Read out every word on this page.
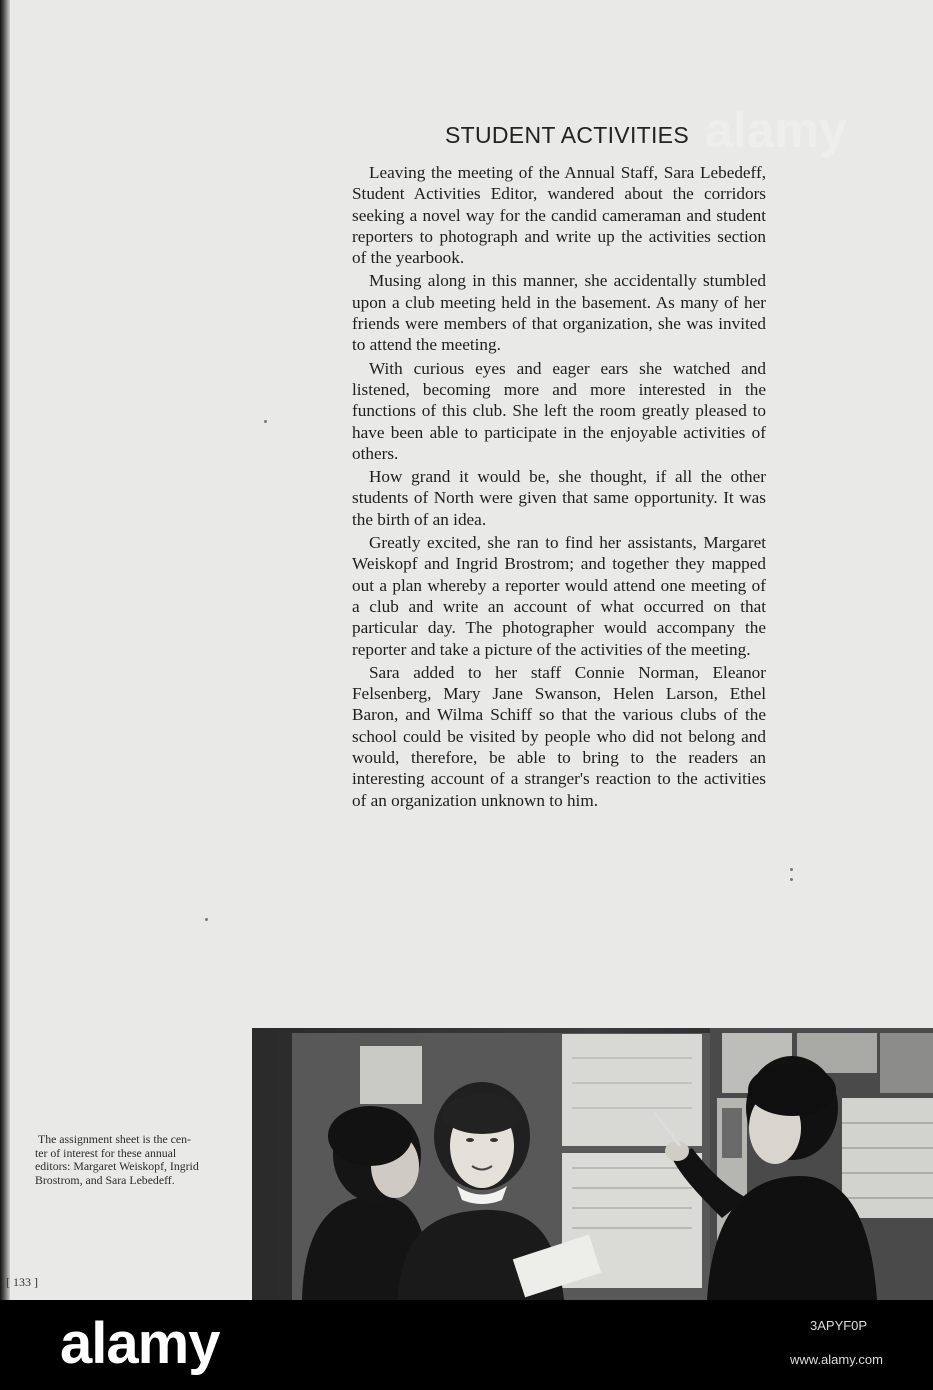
STUDENT ACTIVITIES

Leaving the meeting of the Annual Staff, Sara Lebedeff, Student Activities Editor, wandered about the corridors seeking a novel way for the candid cameraman and student reporters to photograph and write up the activities section of the yearbook.

Musing along in this manner, she accidentally stumbled upon a club meeting held in the basement. As many of her friends were members of that organization, she was invited to attend the meeting.

With curious eyes and eager ears she watched and listened, becoming more and more interested in the functions of this club. She left the room greatly pleased to have been able to participate in the enjoyable activities of others.

How grand it would be, she thought, if all the other students of North were given that same opportunity. It was the birth of an idea.

Greatly excited, she ran to find her assistants, Margaret Weiskopf and Ingrid Brostrom; and together they mapped out a plan whereby a reporter would attend one meeting of a club and write an account of what occurred on that particular day. The photographer would accompany the reporter and take a picture of the activities of the meeting.

Sara added to her staff Connie Norman, Eleanor Felsenberg, Mary Jane Swanson, Helen Larson, Ethel Baron, and Wilma Schiff so that the various clubs of the school could be visited by people who did not belong and would, therefore, be able to bring to the readers an interesting account of a stranger's reaction to the activities of an organization unknown to him.

The assignment sheet is the cen-
ter of interest for these annual
editors: Margaret Weiskopf, Ingrid
Brostrom, and Sara Lebedeff.
[ 133 ]
alamy	3APYF0P
www.alamy.com
alamy
